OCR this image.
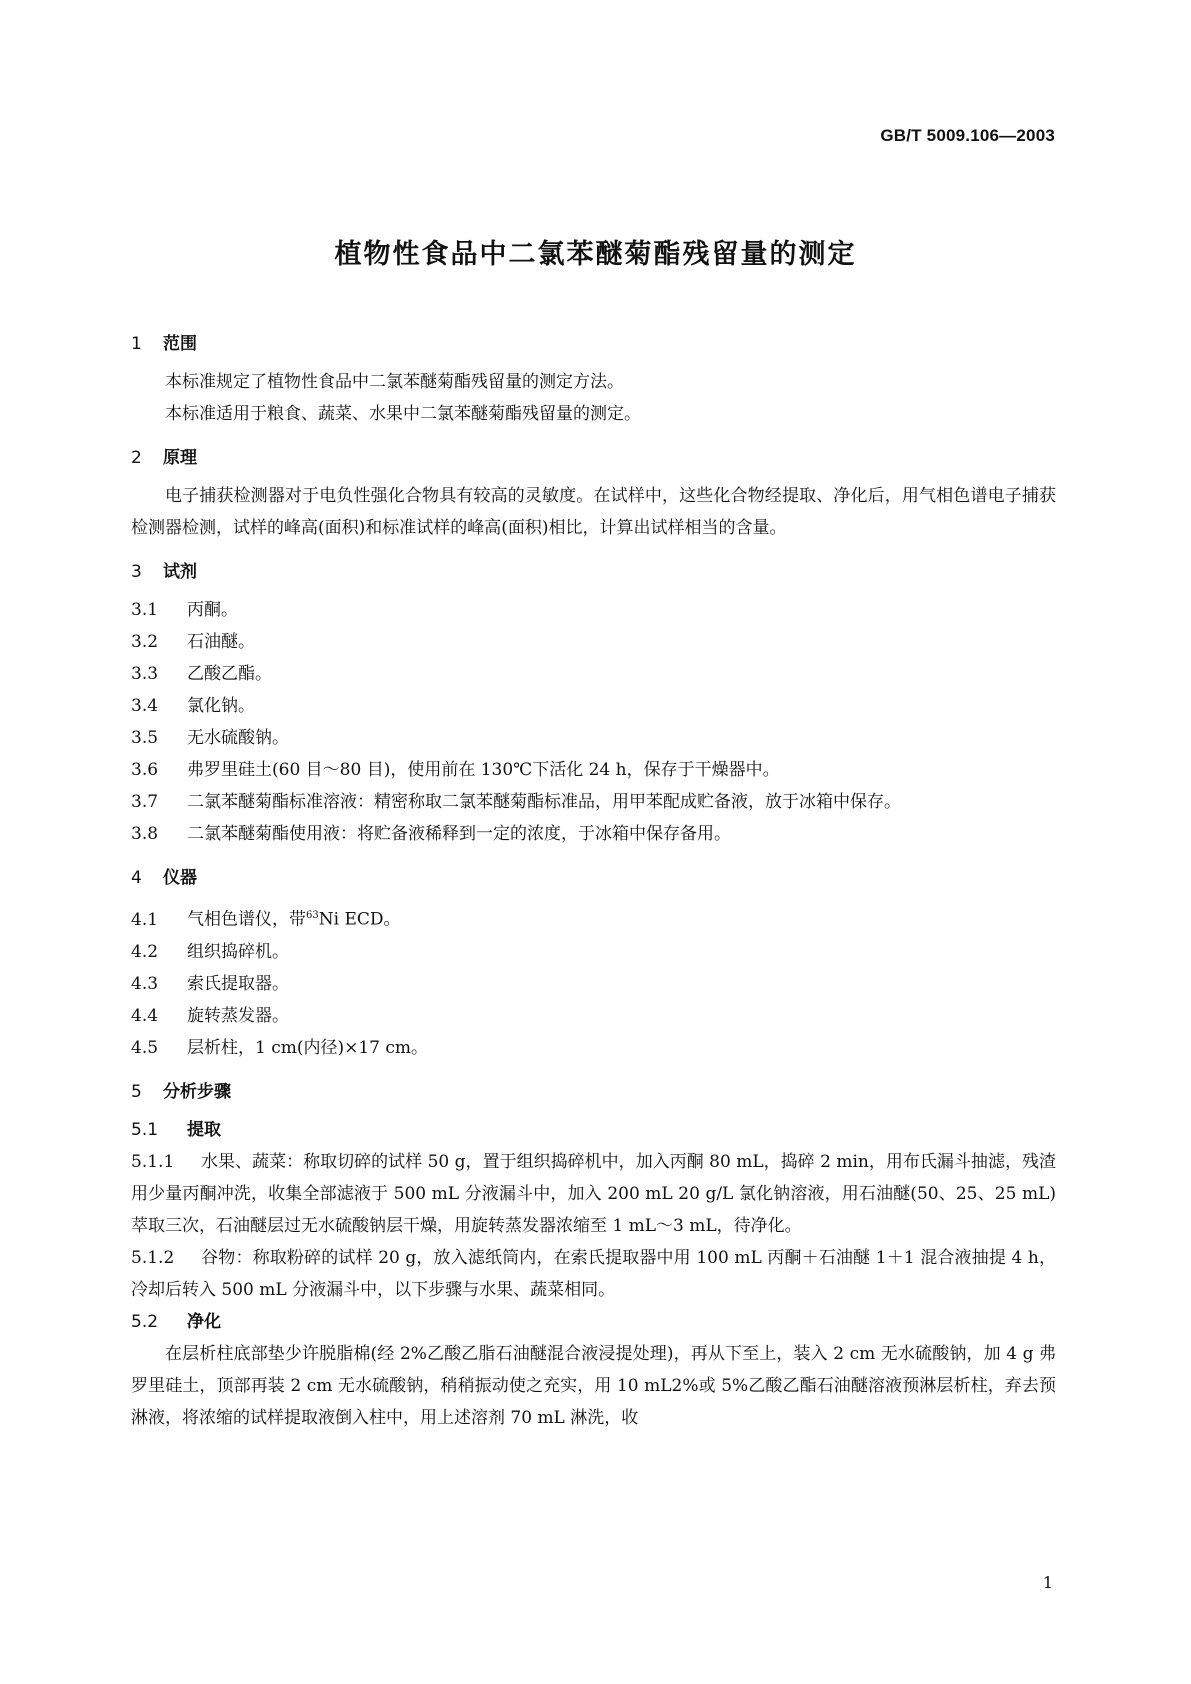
GB/T 5009.106—2003
植物性食品中二氯苯醚菊酯残留量的测定
1 范围

本标准规定了植物性食品中二氯苯醚菊酯残留量的测定方法。

本标准适用于粮食、蔬菜、水果中二氯苯醚菊酯残留量的测定。

2 原理

电子捕获检测器对于电负性强化合物具有较高的灵敏度。在试样中，这些化合物经提取、净化后，用气相色谱电子捕获检测器检测，试样的峰高(面积)和标准试样的峰高(面积)相比，计算出试样相当的含量。

3 试剂

3.1 丙酮。

3.2 石油醚。

3.3 乙酸乙酯。

3.4 氯化钠。

3.5 无水硫酸钠。

3.6 弗罗里硅土(60 目～80 目)，使用前在 130℃下活化 24 h，保存于干燥器中。

3.7 二氯苯醚菊酯标准溶液：精密称取二氯苯醚菊酯标准品，用甲苯配成贮备液，放于冰箱中保存。

3.8 二氯苯醚菊酯使用液：将贮备液稀释到一定的浓度，于冰箱中保存备用。

4 仪器

4.1 气相色谱仪，带$^{63}$Ni ECD。

4.2 组织捣碎机。

4.3 索氏提取器。

4.4 旋转蒸发器。

4.5 层析柱，1 cm(内径)×17 cm。

5 分析步骤
5.1 提取

5.1.1 水果、蔬菜：称取切碎的试样 50 g，置于组织捣碎机中，加入丙酮 80 mL，捣碎 2 min，用布氏漏斗抽滤，残渣用少量丙酮冲洗，收集全部滤液于 500 mL 分液漏斗中，加入 200 mL 20 g/L 氯化钠溶液，用石油醚(50、25、25 mL)萃取三次，石油醚层过无水硫酸钠层干燥，用旋转蒸发器浓缩至 1 mL～3 mL，待净化。

5.1.2 谷物：称取粉碎的试样 20 g，放入滤纸筒内，在索氏提取器中用 100 mL 丙酮＋石油醚 1＋1 混合液抽提 4 h，冷却后转入 500 mL 分液漏斗中，以下步骤与水果、蔬菜相同。

5.2 净化

在层析柱底部垫少许脱脂棉(经 2%乙酸乙脂石油醚混合液浸提处理)，再从下至上，装入 2 cm 无水硫酸钠，加 4 g 弗罗里硅土，顶部再装 2 cm 无水硫酸钠，稍稍振动使之充实，用 10 mL2%或 5%乙酸乙酯石油醚溶液预淋层析柱，弃去预淋液，将浓缩的试样提取液倒入柱中，用上述溶剂 70 mL 淋洗，收

1
